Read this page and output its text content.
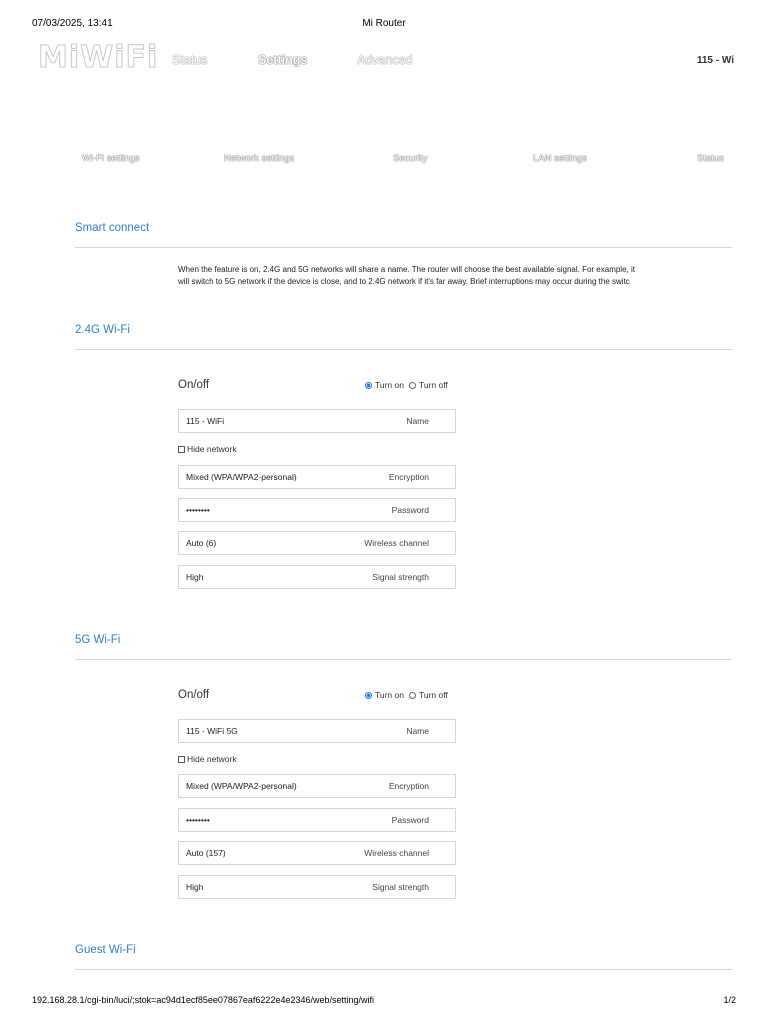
07/03/2025, 13:41	Mi Router
MiWiFi Status	Settings	Advanced	115 - Wi
Wi-Fi settings	Network settings	Security	LAN settings	Status
Smart connect
When the feature is on, 2.4G and 5G networks will share a name. The router will choose the best available signal. For example, it
will switch to 5G network if the device is close, and to 2.4G network if it's far away. Brief interruptions may occur during the switc
2.4G Wi-Fi
On/off	Turn on Turn off
115 - WiFi	Name
Hide network
Mixed (WPA/WPA2-personal)	Encryption
••••••••	Password
Auto (6)	Wireless channel
High	Signal strength
5G Wi-Fi
On/off	Turn on Turn off
115 - WiFi 5G	Name
Hide network
Mixed (WPA/WPA2-personal)	Encryption
••••••••	Password
Auto (157)	Wireless channel
High	Signal strength
Guest Wi-Fi
192.168.28.1/cgi-bin/luci/;stok=ac94d1ecf85ee07867eaf6222e4e2346/web/setting/wifi	1/2
